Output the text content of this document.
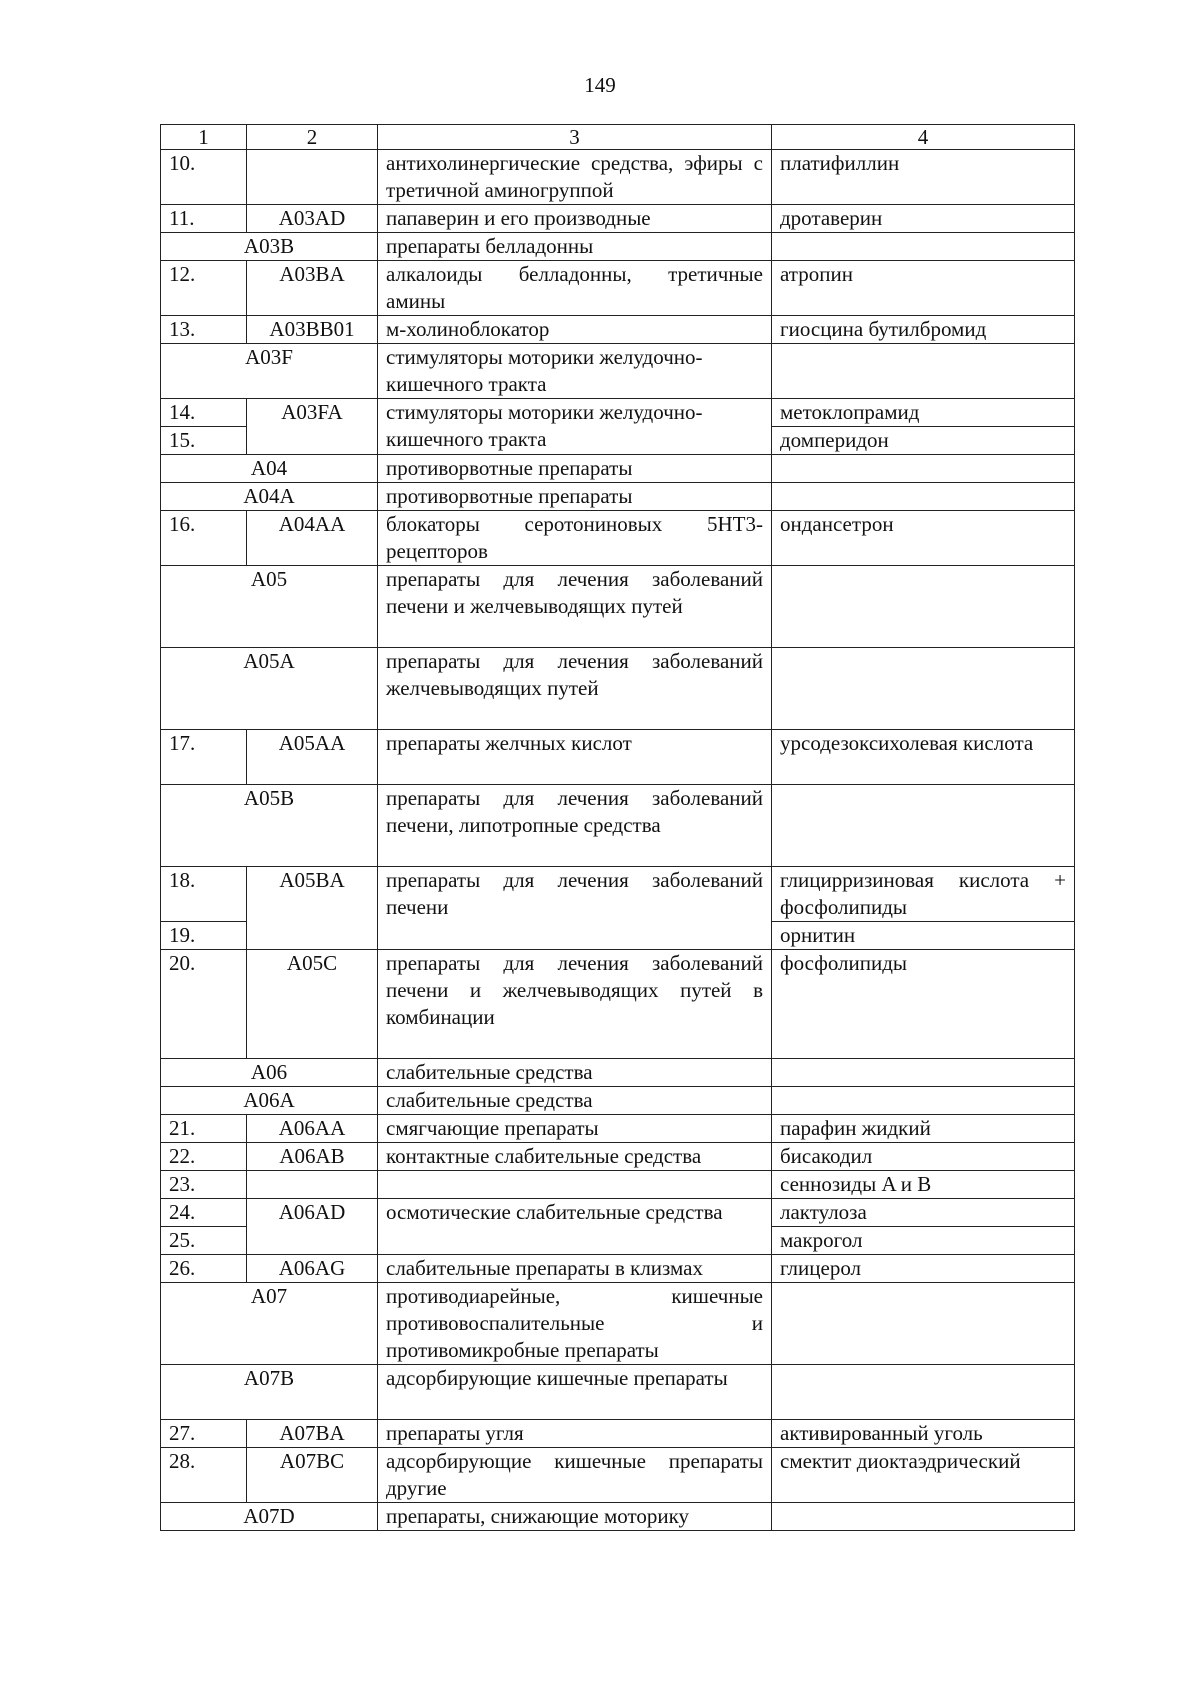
149
1	2	3	4
10.		антихолинергические средства, эфиры с третичной аминогруппой	платифиллин
11.	A03AD	папаверин и его производные	дротаверин
A03B		препараты белладонны	
12.	A03BA	алкалоиды белладонны, третичные амины	атропин
13.	A03BB01	м-холиноблокатор	гиосцина бутилбромид
A03F		стимуляторы моторики желудочно-кишечного тракта	
14.	A03FA	стимуляторы моторики желудочно-кишечного тракта	метоклопрамид
15.			домперидон
A04		противорвотные препараты	
A04A		противорвотные препараты	
16.	A04AA	блокаторы серотониновых 5HT3-рецепторов	ондансетрон
A05		препараты для лечения заболеваний печени и желчевыводящих путей	
A05A		препараты для лечения заболеваний желчевыводящих путей	
17.	A05AA	препараты желчных кислот	урсодезоксихолевая кислота
A05B		препараты для лечения заболеваний печени, липотропные средства	
18.	A05BA	препараты для лечения заболеваний печени	глицирризиновая кислота + фосфолипиды
19.			орнитин
20.	A05C	препараты для лечения заболеваний печени и желчевыводящих путей в комбинации	фосфолипиды
A06		слабительные средства	
A06A		слабительные средства	
21.	A06AA	смягчающие препараты	парафин жидкий
22.	A06AB	контактные слабительные средства	бисакодил
23.			сеннозиды A и B
24.	A06AD	осмотические слабительные средства	лактулоза
25.			макрогол
26.	A06AG	слабительные препараты в клизмах	глицерол
A07		противодиарейные, кишечные противовоспалительные и противомикробные препараты	
A07B		адсорбирующие кишечные препараты	
27.	A07BA	препараты угля	активированный уголь
28.	A07BC	адсорбирующие кишечные препараты другие	смектит диоктаэдрический
A07D		препараты, снижающие моторику	
